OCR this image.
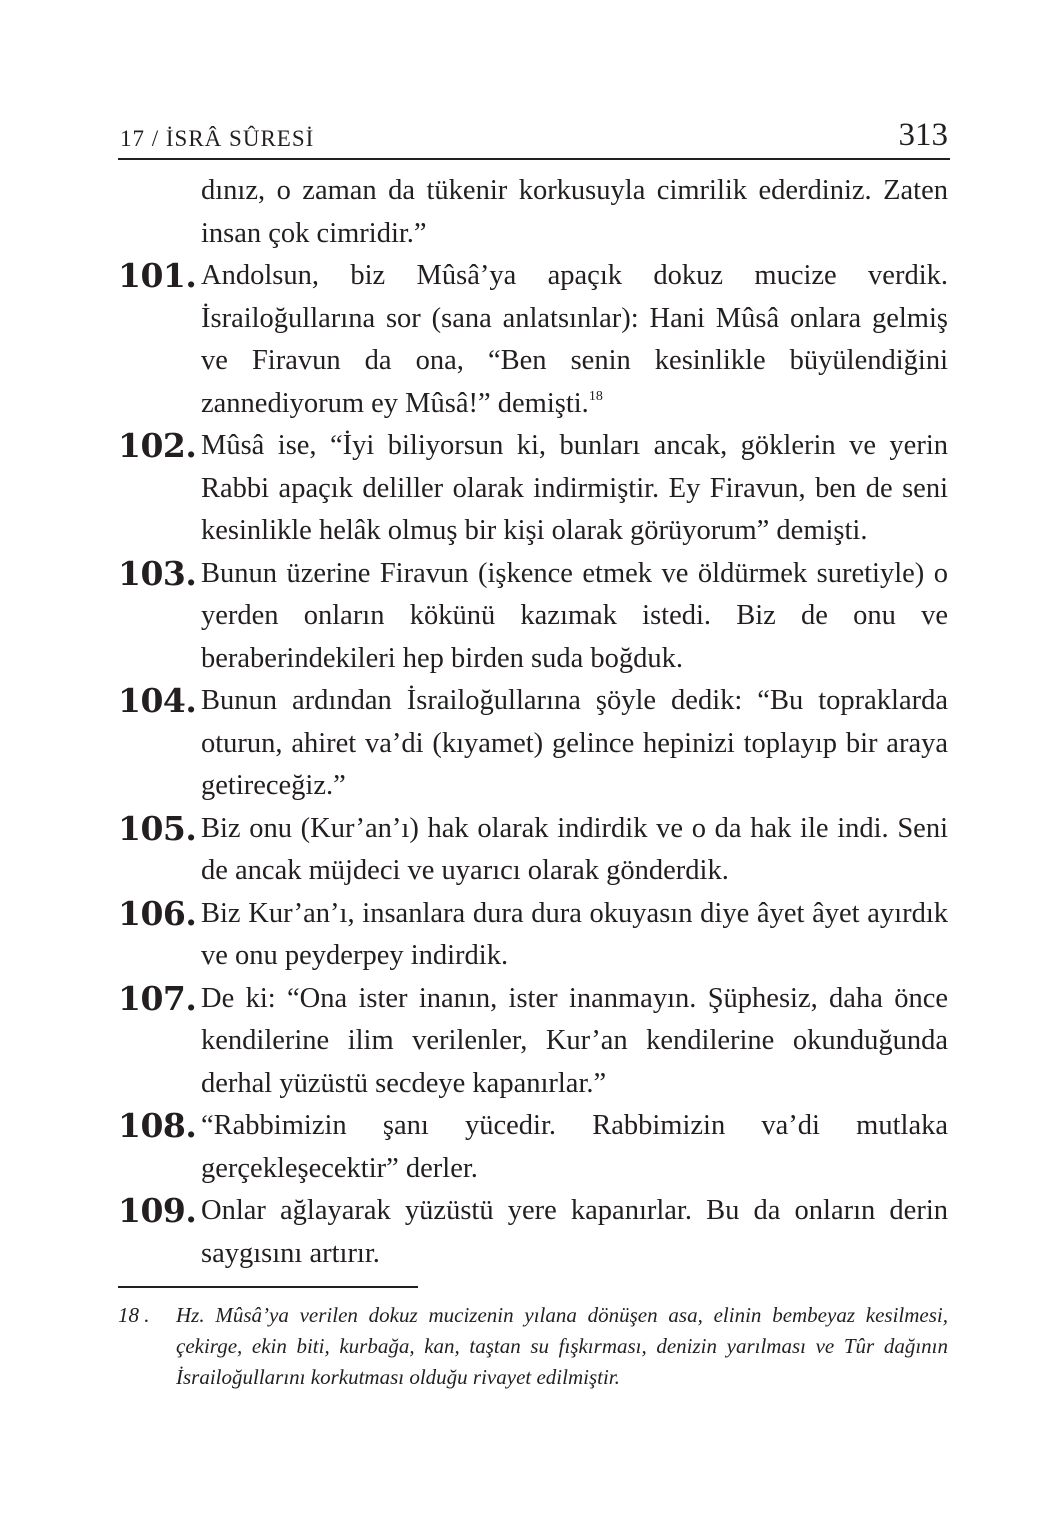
17 / İSRÂ SÛRESİ	313
dınız, o zaman da tükenir korkusuyla cimrilik ederdiniz. Zaten insan çok cimridir.”
101. Andolsun, biz Mûsâ’ya apaçık dokuz mucize verdik. İsrailoğullarına sor (sana anlatsınlar): Hani Mûsâ onlara gelmiş ve Firavun da ona, “Ben senin kesinlikle büyülendiğini zannediyorum ey Mûsâ!” demişti.$^{18}$
102. Mûsâ ise, “İyi biliyorsun ki, bunları ancak, göklerin ve yerin Rabbi apaçık deliller olarak indirmiştir. Ey Firavun, ben de seni kesinlikle helâk olmuş bir kişi olarak görüyorum” demişti.
103. Bunun üzerine Firavun (işkence etmek ve öldürmek suretiyle) o yerden onların kökünü kazımak istedi. Biz de onu ve beraberindekileri hep birden suda boğduk.
104. Bunun ardından İsrailoğullarına şöyle dedik: “Bu topraklarda oturun, ahiret va’di (kıyamet) gelince hepinizi toplayıp bir araya getireceğiz.”
105. Biz onu (Kur’an’ı) hak olarak indirdik ve o da hak ile indi. Seni de ancak müjdeci ve uyarıcı olarak gönderdik.
106. Biz Kur’an’ı, insanlara dura dura okuyasın diye âyet âyet ayırdık ve onu peyderpey indirdik.
107. De ki: “Ona ister inanın, ister inanmayın. Şüphesiz, daha önce kendilerine ilim verilenler, Kur’an kendilerine okunduğunda derhal yüzüstü secdeye kapanırlar.”
108. “Rabbimizin şanı yücedir. Rabbimizin va’di mutlaka gerçekleşecektir” derler.
109. Onlar ağlayarak yüzüstü yere kapanırlar. Bu da onların derin saygısını artırır.
18 .	Hz. Mûsâ’ya verilen dokuz mucizenin yılana dönüşen asa, elinin bembeyaz kesilmesi, çekirge, ekin biti, kurbağa, kan, taştan su fışkırması, denizin yarılması ve Tûr dağının İsrailoğullarını korkutması olduğu rivayet edilmiştir.
